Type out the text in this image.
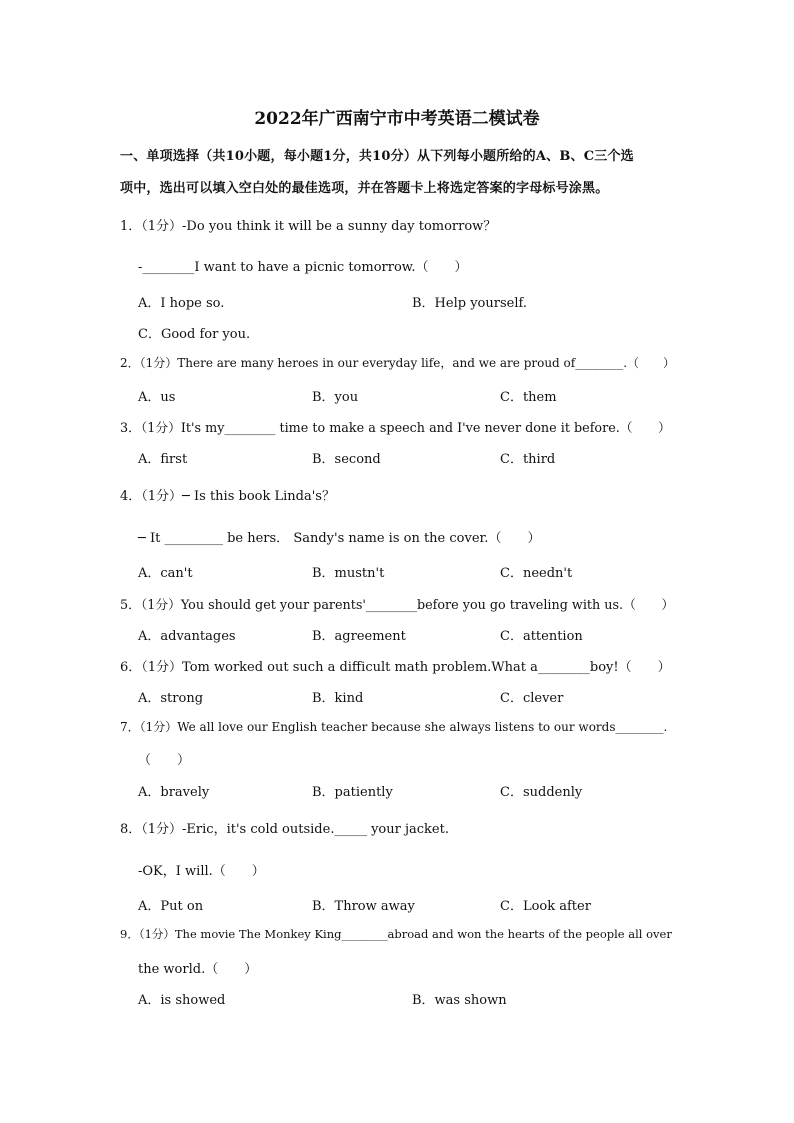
2022年广西南宁市中考英语二模试卷
一、单项选择（共10小题，每小题1分，共10分）从下列每小题所给的A、B、C三个选
项中，选出可以填入空白处的最佳选项，并在答题卡上将选定答案的字母标号涂黑。
1．（1分）-Do you think it will be a sunny day tomorrow？
-________I want to have a picnic tomorrow.（　　）
A．I hope so.	B．Help yourself.
C．Good for you.
2．（1分）There are many heroes in our everyday life，and we are proud of________.（　　）
A．us	B．you	C．them
3．（1分）It's my________ time to make a speech and I've never done it before.（　　）
A．first	B．second	C．third
4．（1分）─ Is this book Linda's？
─ It _________ be hers． Sandy's name is on the cover.（　　）
A．can't	B．mustn't	C．needn't
5．（1分）You should get your parents'________before you go traveling with us.（　　）
A．advantages	B．agreement	C．attention
6．（1分）Tom worked out such a difficult math problem.What a________boy!（　　）
A．strong	B．kind	C．clever
7．（1分）We all love our English teacher because she always listens to our words________.
（　　）
A．bravely	B．patiently	C．suddenly
8．（1分）-Eric，it's cold outside._____ your jacket.
-OK，I will.（　　）
A．Put on	B．Throw away	C．Look after
9．（1分）The movie The Monkey King________abroad and won the hearts of the people all over
the world.（　　）
A．is showed	B．was shown
